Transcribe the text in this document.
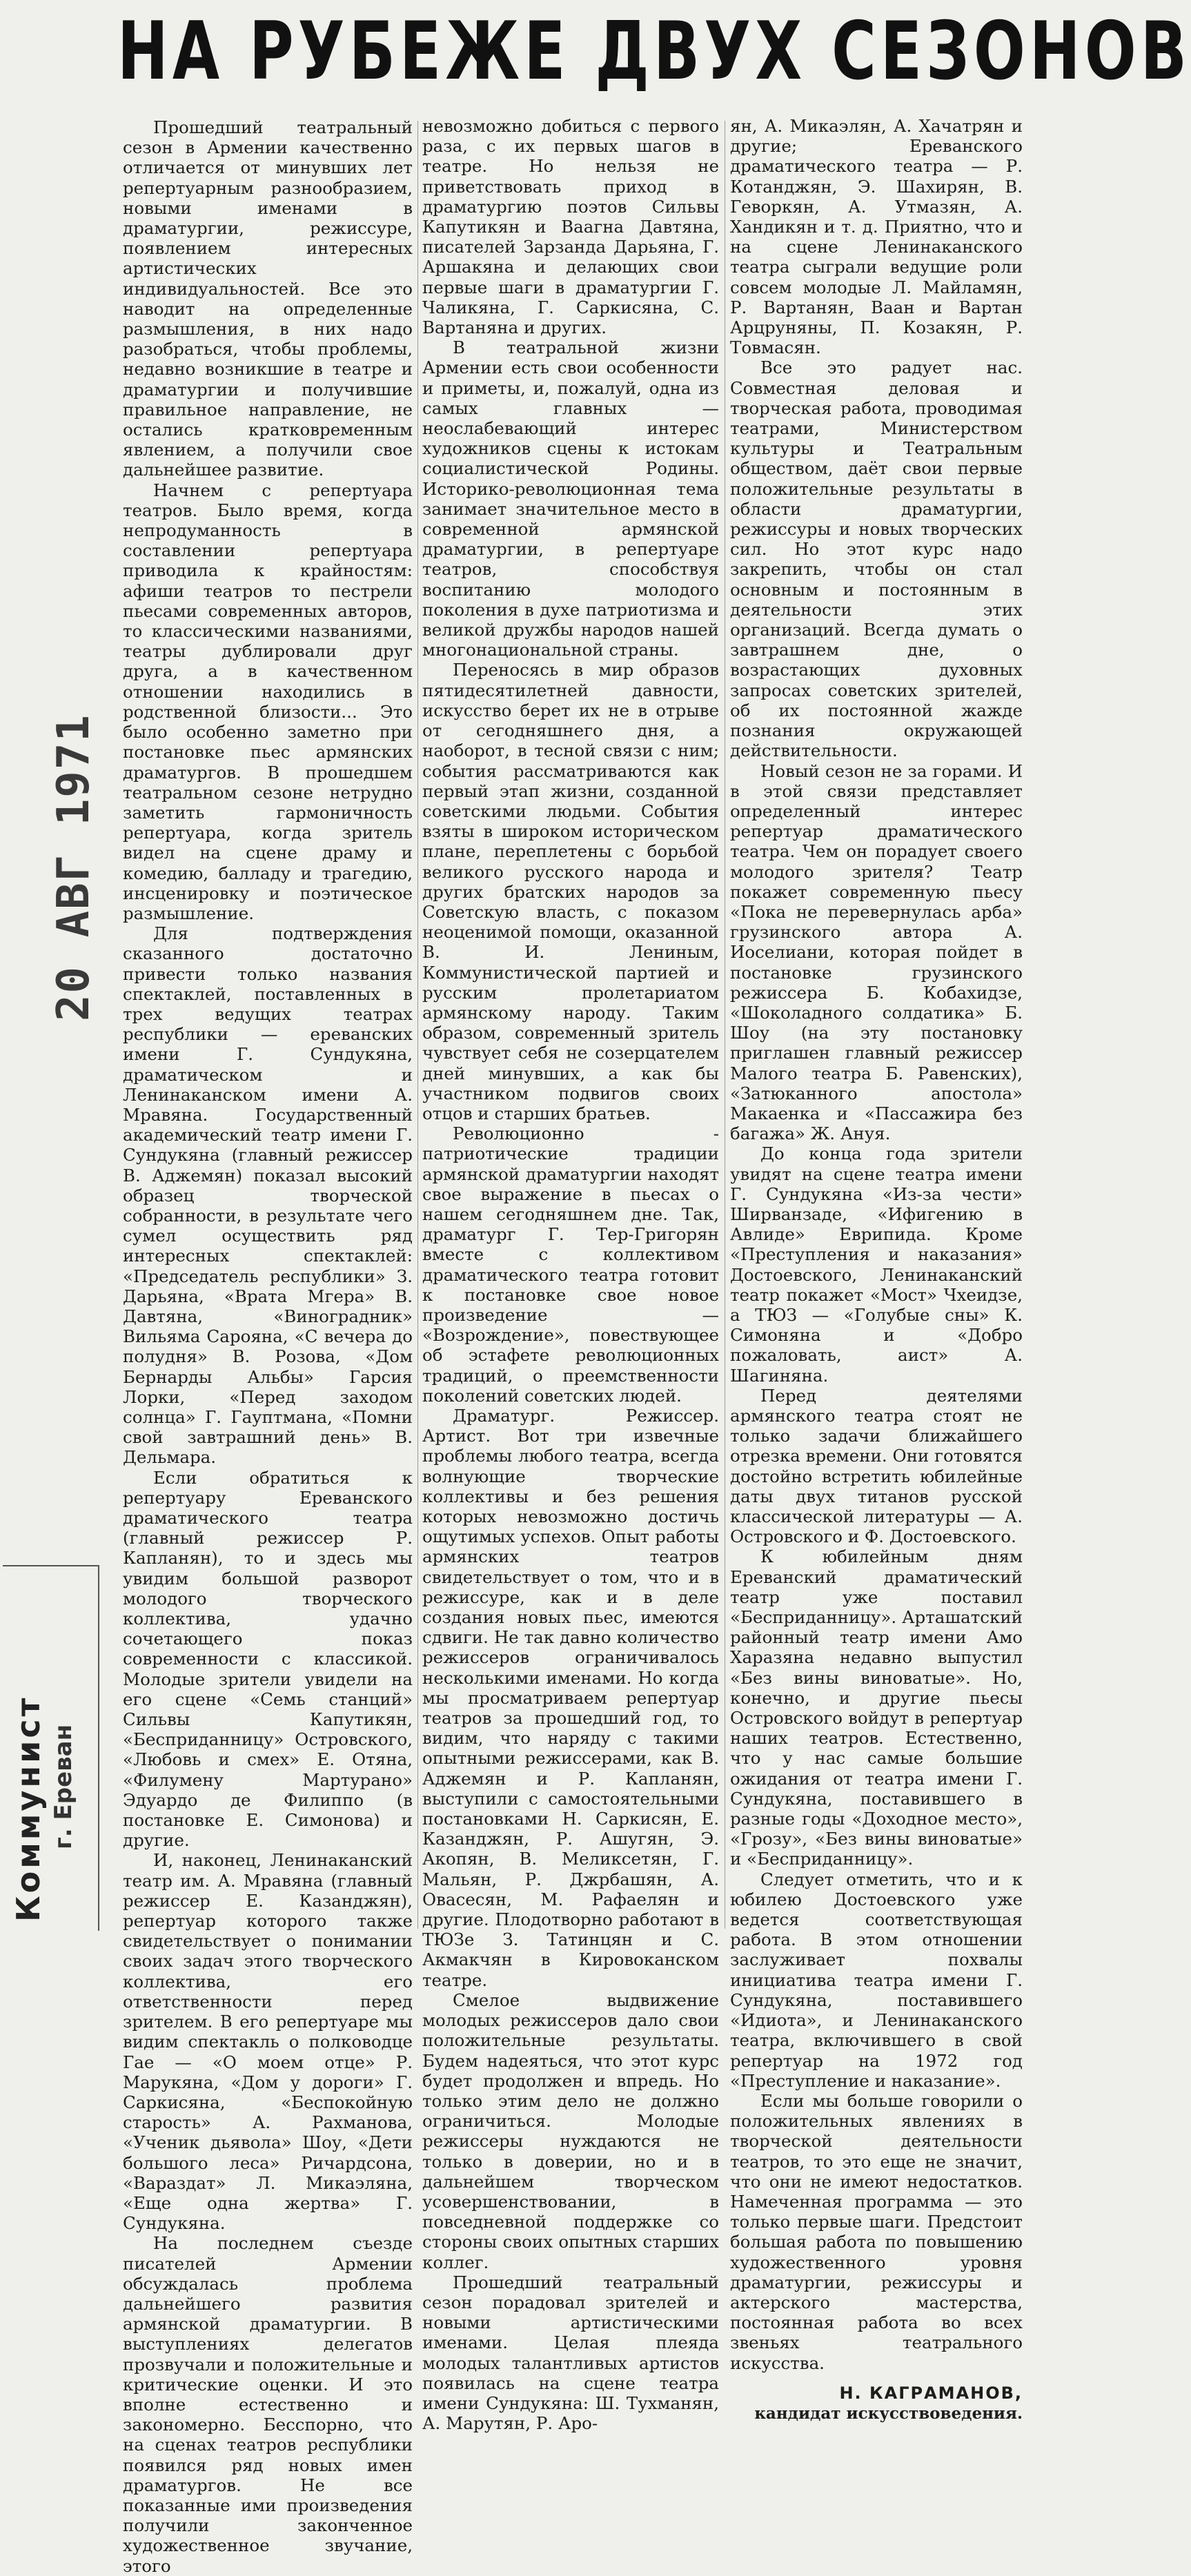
НА РУБЕЖЕ ДВУХ СЕЗОНОВ
20 АВГ 1971
Коммунист г. Ереван

Прошедший театральный сезон в Армении качественно отличается от минувших лет репертуарным разнообразием, новыми именами в драматургии, режиссуре, появлением интересных артистических индивидуальностей. Все это наводит на определенные размышления, в них надо разобраться, чтобы проблемы, недавно возникшие в театре и драматургии и получившие правильное направление, не остались кратковременным явлением, а получили свое дальнейшее развитие.

Начнем с репертуара театров. Было время, когда непродуманность в составлении репертуара приводила к крайностям: афиши театров то пестрели пьесами современных авторов, то классическими названиями, театры дублировали друг друга, а в качественном отношении находились в родственной близости... Это было особенно заметно при постановке пьес армянских драматургов. В прошедшем театральном сезоне нетрудно заметить гармоничность репертуара, когда зритель видел на сцене драму и комедию, балладу и трагедию, инсценировку и поэтическое размышление.

Для подтверждения сказанного достаточно привести только названия спектаклей, поставленных в трех ведущих театрах республики — ереванских имени Г. Сундукяна, драматическом и Ленинаканском имени А. Мравяна. Государственный академический театр имени Г. Сундукяна (главный режиссер В. Аджемян) показал высокий образец творческой собранности, в результате чего сумел осуществить ряд интересных спектаклей: «Председатель республики» З. Дарьяна, «Врата Мгера» В. Давтяна, «Виноградник» Вильяма Сарояна, «С вечера до полудня» В. Розова, «Дом Бернарды Альбы» Гарсия Лорки, «Перед заходом солнца» Г. Гауптмана, «Помни свой завтрашний день» В. Дельмара.

Если обратиться к репертуару Ереванского драматического театра (главный режиссер Р. Капланян), то и здесь мы увидим большой разворот молодого творческого коллектива, удачно сочетающего показ современности с классикой. Молодые зрители увидели на его сцене «Семь станций» Сильвы Капутикян, «Бесприданницу» Островского, «Любовь и смех» Е. Отяна, «Филумену Мартурано» Эдуардо де Филиппо (в постановке Е. Симонова) и другие.

И, наконец, Ленинаканский театр им. А. Мравяна (главный режиссер Е. Казанджян), репертуар которого также свидетельствует о понимании своих задач этого творческого коллектива, его ответственности перед зрителем. В его репертуаре мы видим спектакль о полководце Гае — «О моем отце» Р. Марукяна, «Дом у дороги» Г. Саркисяна, «Беспокойную старость» А. Рахманова, «Ученик дьявола» Шоу, «Дети большого леса» Ричардсона, «Вараздат» Л. Микаэляна, «Еще одна жертва» Г. Сундукяна.

На последнем съезде писателей Армении обсуждалась проблема дальнейшего развития армянской драматургии. В выступлениях делегатов прозвучали и положительные и критические оценки. И это вполне естественно и закономерно. Бесспорно, что на сценах театров республики появился ряд новых имен драматургов. Не все показанные ими произведения получили законченное художественное звучание, этого

невозможно добиться с первого раза, с их первых шагов в театре. Но нельзя не приветствовать приход в драматургию поэтов Сильвы Капутикян и Ваагна Давтяна, писателей Зарзанда Дарьяна, Г. Аршакяна и делающих свои первые шаги в драматургии Г. Чаликяна, Г. Саркисяна, С. Вартаняна и других.

В театральной жизни Армении есть свои особенности и приметы, и, пожалуй, одна из самых главных — неослабевающий интерес художников сцены к истокам социалистической Родины. Историко-революционная тема занимает значительное место в современной армянской драматургии, в репертуаре театров, способствуя воспитанию молодого поколения в духе патриотизма и великой дружбы народов нашей многонациональной страны.

Переносясь в мир образов пятидесятилетней давности, искусство берет их не в отрыве от сегодняшнего дня, а наоборот, в тесной связи с ним; события рассматриваются как первый этап жизни, созданной советскими людьми. События взяты в широком историческом плане, переплетены с борьбой великого русского народа и других братских народов за Советскую власть, с показом неоценимой помощи, оказанной В. И. Лениным, Коммунистической партией и русским пролетариатом армянскому народу. Таким образом, современный зритель чувствует себя не созерцателем дней минувших, а как бы участником подвигов своих отцов и старших братьев.

Революционно - патриотические традиции армянской драматургии находят свое выражение в пьесах о нашем сегодняшнем дне. Так, драматург Г. Тер-Григорян вместе с коллективом драматического театра готовит к постановке свое новое произведение — «Возрождение», повествующее об эстафете революционных традиций, о преемственности поколений советских людей.

Драматург. Режиссер. Артист. Вот три извечные проблемы любого театра, всегда волнующие творческие коллективы и без решения которых невозможно достичь ощутимых успехов. Опыт работы армянских театров свидетельствует о том, что и в режиссуре, как и в деле создания новых пьес, имеются сдвиги. Не так давно количество режиссеров ограничивалось несколькими именами. Но когда мы просматриваем репертуар театров за прошедший год, то видим, что наряду с такими опытными режиссерами, как В. Аджемян и Р. Капланян, выступили с самостоятельными постановками Н. Саркисян, Е. Казанджян, Р. Ашугян, Э. Акопян, В. Меликсетян, Г. Мальян, Р. Джрбашян, А. Овасесян, М. Рафаелян и другие. Плодотворно работают в ТЮЗе З. Татинцян и С. Акмакчян в Кировоканском театре.

Смелое выдвижение молодых режиссеров дало свои положительные результаты. Будем надеяться, что этот курс будет продолжен и впредь. Но только этим дело не должно ограничиться. Молодые режиссеры нуждаются не только в доверии, но и в дальнейшем творческом усовершенствовании, в повседневной поддержке со стороны своих опытных старших коллег.

Прошедший театральный сезон порадовал зрителей и новыми артистическими именами. Целая плеяда молодых талантливых артистов появилась на сцене театра имени Сундукяна: Ш. Тухманян, А. Марутян, Р. Аро-

ян, А. Микаэлян, А. Хачатрян и другие; Ереванского драматического театра — Р. Котанджян, Э. Шахирян, В. Геворкян, А. Утмазян, А. Хандикян и т. д. Приятно, что и на сцене Ленинаканского театра сыграли ведущие роли совсем молодые Л. Майламян, Р. Вартанян, Ваан и Вартан Арцруняны, П. Козакян, Р. Товмасян.

Все это радует нас. Совместная деловая и творческая работа, проводимая театрами, Министерством культуры и Театральным обществом, даёт свои первые положительные результаты в области драматургии, режиссуры и новых творческих сил. Но этот курс надо закрепить, чтобы он стал основным и постоянным в деятельности этих организаций. Всегда думать о завтрашнем дне, о возрастающих духовных запросах советских зрителей, об их постоянной жажде познания окружающей действительности.

Новый сезон не за горами. И в этой связи представляет определенный интерес репертуар драматического театра. Чем он порадует своего молодого зрителя? Театр покажет современную пьесу «Пока не перевернулась арба» грузинского автора А. Иоселиани, которая пойдет в постановке грузинского режиссера Б. Кобахидзе, «Шоколадного солдатика» Б. Шоу (на эту постановку приглашен главный режиссер Малого театра Б. Равенских), «Затюканного апостола» Макаенка и «Пассажира без багажа» Ж. Ануя.

До конца года зрители увидят на сцене театра имени Г. Сундукяна «Из-за чести» Ширванзаде, «Ифигению в Авлиде» Еврипида. Кроме «Преступления и наказания» Достоевского, Ленинаканский театр покажет «Мост» Чхеидзе, а ТЮЗ — «Голубые сны» К. Симоняна и «Добро пожаловать, аист» А. Шагиняна.

Перед деятелями армянского театра стоят не только задачи ближайшего отрезка времени. Они готовятся достойно встретить юбилейные даты двух титанов русской классической литературы — А. Островского и Ф. Достоевского.

К юбилейным дням Ереванский драматический театр уже поставил «Бесприданницу». Арташатский районный театр имени Амо Харазяна недавно выпустил «Без вины виноватые». Но, конечно, и другие пьесы Островского войдут в репертуар наших театров. Естественно, что у нас самые большие ожидания от театра имени Г. Сундукяна, поставившего в разные годы «Доходное место», «Грозу», «Без вины виноватые» и «Бесприданницу».

Следует отметить, что и к юбилею Достоевского уже ведется соответствующая работа. В этом отношении заслуживает похвалы инициатива театра имени Г. Сундукяна, поставившего «Идиота», и Ленинаканского театра, включившего в свой репертуар на 1972 год «Преступление и наказание».

Если мы больше говорили о положительных явлениях в творческой деятельности театров, то это еще не значит, что они не имеют недостатков. Намеченная программа — это только первые шаги. Предстоит большая работа по повышению художественного уровня драматургии, режиссуры и актерского мастерства, постоянная работа во всех звеньях театрального искусства.

Н. КАГРАМАНОВ,
кандидат искусствоведения.
